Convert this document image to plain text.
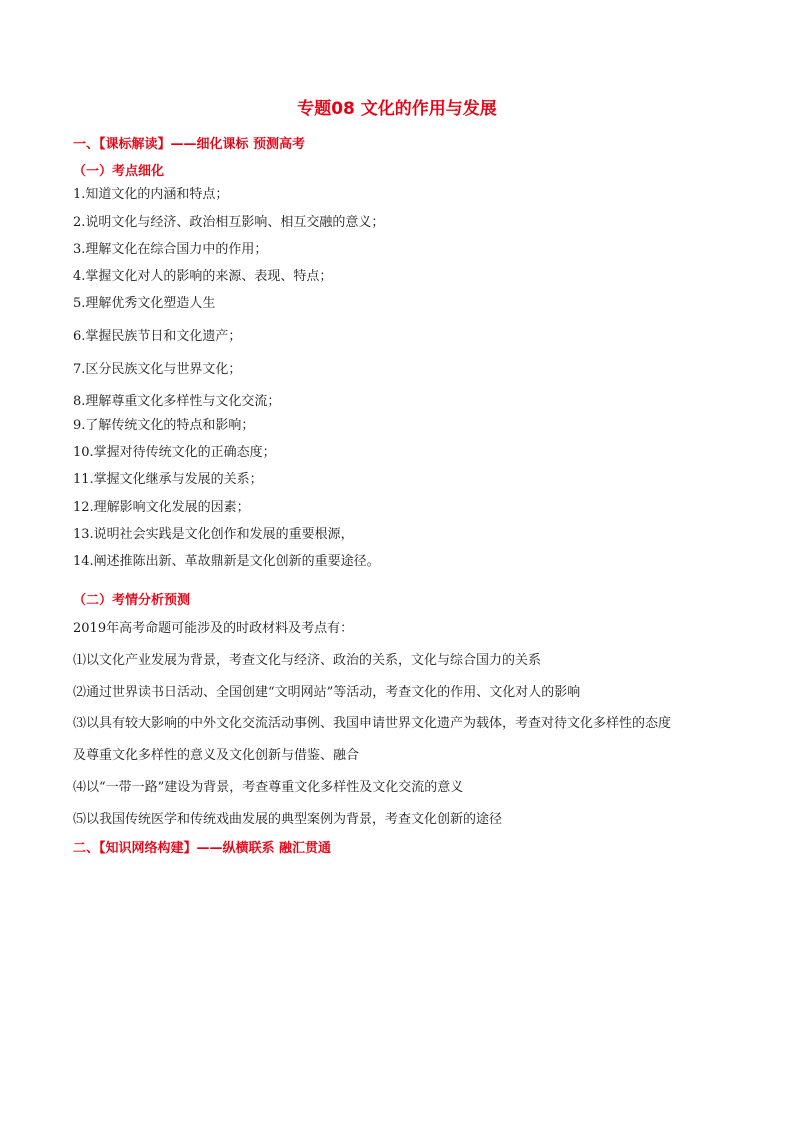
专题08 文化的作用与发展
一、【课标解读】——细化课标 预测高考
（一）考点细化

1.知道文化的内涵和特点；

2.说明文化与经济、政治相互影响、相互交融的意义；

3.理解文化在综合国力中的作用；

4.掌握文化对人的影响的来源、表现、特点；

5.理解优秀文化塑造人生

6.掌握民族节日和文化遗产；

7.区分民族文化与世界文化；

8.理解尊重文化多样性与文化交流；

9.了解传统文化的特点和影响；

10.掌握对待传统文化的正确态度；

11.掌握文化继承与发展的关系；

12.理解影响文化发展的因素；

13.说明社会实践是文化创作和发展的重要根源，

14.阐述推陈出新、革故鼎新是文化创新的重要途径。

（二）考情分析预测

2019年高考命题可能涉及的时政材料及考点有：

⑴以文化产业发展为背景，考查文化与经济、政治的关系，文化与综合国力的关系

⑵通过世界读书日活动、全国创建“文明网站”等活动，考查文化的作用、文化对人的影响

⑶以具有较大影响的中外文化交流活动事例、我国申请世界文化遗产为载体，考查对待文化多样性的态度

及尊重文化多样性的意义及文化创新与借鉴、融合

⑷以“一带一路”建设为背景，考查尊重文化多样性及文化交流的意义

⑸以我国传统医学和传统戏曲发展的典型案例为背景，考查文化创新的途径

二、【知识网络构建】——纵横联系 融汇贯通
